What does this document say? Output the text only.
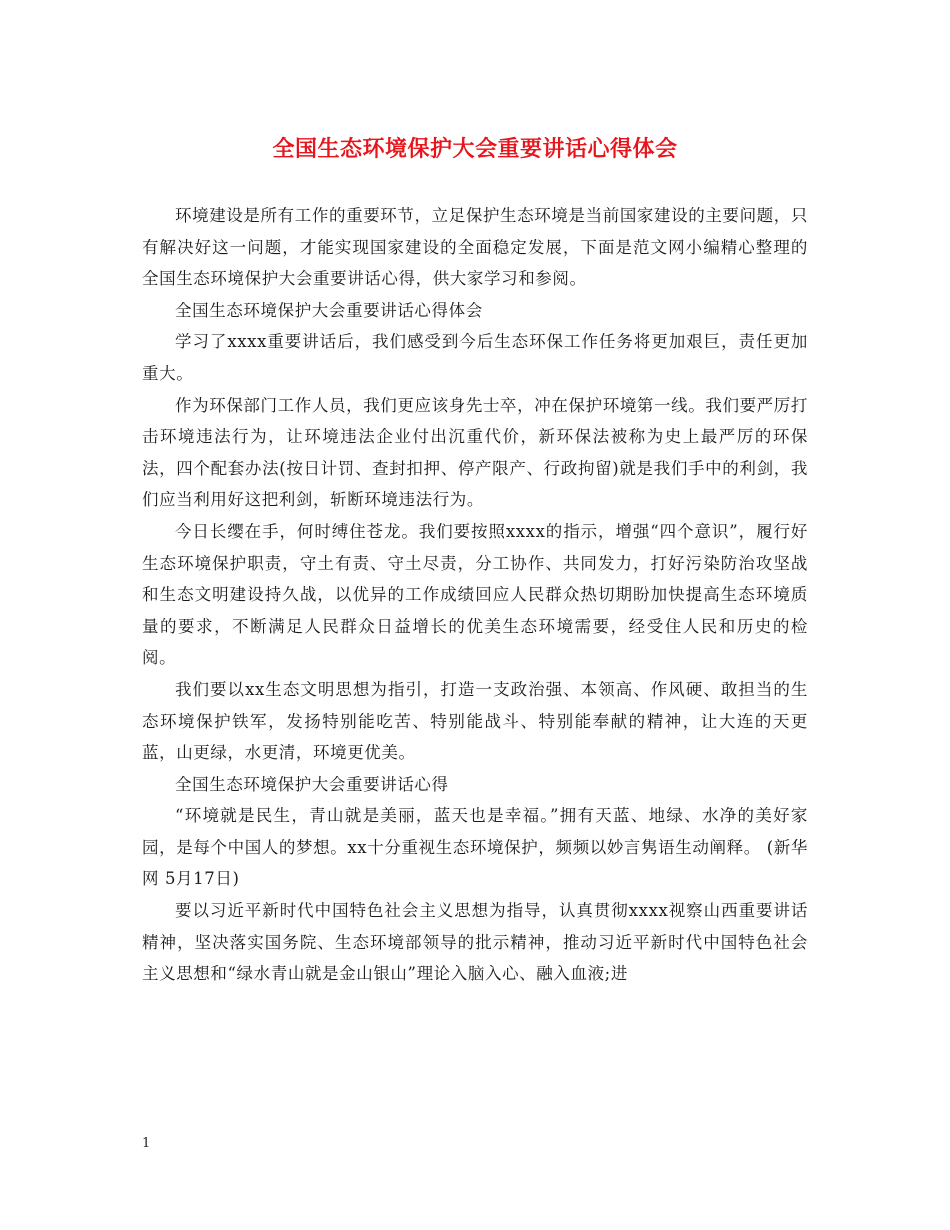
全国生态环境保护大会重要讲话心得体会

环境建设是所有工作的重要环节，立足保护生态环境是当前国家建设的主要问题，只有解决好这一问题，才能实现国家建设的全面稳定发展，下面是范文网小编精心整理的全国生态环境保护大会重要讲话心得，供大家学习和参阅。

全国生态环境保护大会重要讲话心得体会

学习了xxxx重要讲话后，我们感受到今后生态环保工作任务将更加艰巨，责任更加重大。

作为环保部门工作人员，我们更应该身先士卒，冲在保护环境第一线。我们要严厉打击环境违法行为，让环境违法企业付出沉重代价，新环保法被称为史上最严厉的环保法，四个配套办法(按日计罚、查封扣押、停产限产、行政拘留)就是我们手中的利剑，我们应当利用好这把利剑，斩断环境违法行为。

今日长缨在手，何时缚住苍龙。我们要按照xxxx的指示，增强“四个意识”，履行好生态环境保护职责，守土有责、守土尽责，分工协作、共同发力，打好污染防治攻坚战和生态文明建设持久战，以优异的工作成绩回应人民群众热切期盼加快提高生态环境质量的要求，不断满足人民群众日益增长的优美生态环境需要，经受住人民和历史的检阅。

我们要以xx生态文明思想为指引，打造一支政治强、本领高、作风硬、敢担当的生态环境保护铁军，发扬特别能吃苦、特别能战斗、特别能奉献的精神，让大连的天更蓝，山更绿，水更清，环境更优美。

全国生态环境保护大会重要讲话心得

“环境就是民生，青山就是美丽，蓝天也是幸福。”拥有天蓝、地绿、水净的美好家园，是每个中国人的梦想。xx十分重视生态环境保护，频频以妙言隽语生动阐释。 (新华网 5月17日)

要以习近平新时代中国特色社会主义思想为指导，认真贯彻xxxx视察山西重要讲话精神，坚决落实国务院、生态环境部领导的批示精神，推动习近平新时代中国特色社会主义思想和“绿水青山就是金山银山”理论入脑入心、融入血液;进

1
